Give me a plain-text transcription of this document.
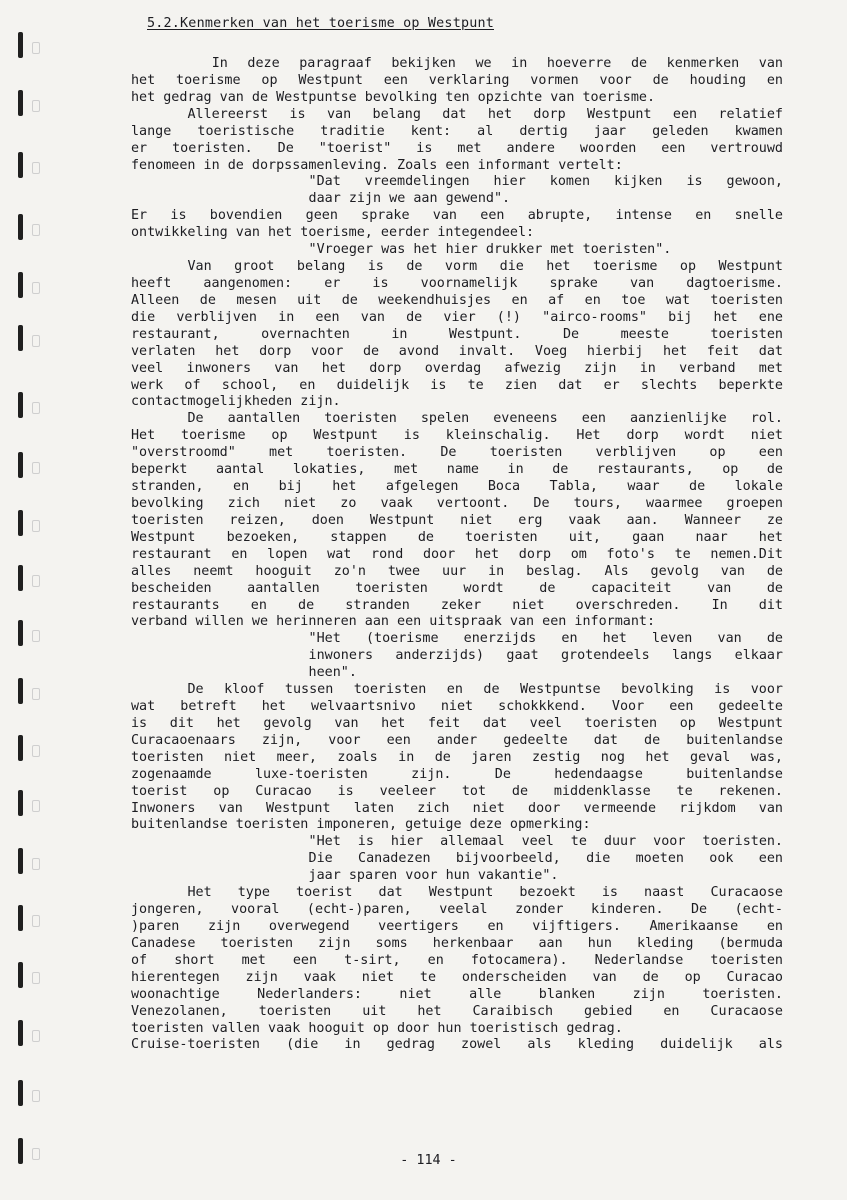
5.2.Kenmerken van het toerisme op Westpunt
In deze paragraaf bekijken we in hoeverre de kenmerken van
het toerisme op Westpunt een verklaring vormen voor de houding en
het gedrag van de Westpuntse bevolking ten opzichte van toerisme.
Allereerst is van belang dat het dorp Westpunt een relatief
lange toeristische traditie kent: al dertig jaar geleden kwamen
er toeristen. De "toerist" is met andere woorden een vertrouwd
fenomeen in de dorpssamenleving. Zoals een informant vertelt:
"Dat vreemdelingen hier komen kijken is gewoon,
daar zijn we aan gewend".
Er is bovendien geen sprake van een abrupte, intense en snelle
ontwikkeling van het toerisme, eerder integendeel:
"Vroeger was het hier drukker met toeristen".
Van groot belang is de vorm die het toerisme op Westpunt
heeft aangenomen: er is voornamelijk sprake van dagtoerisme.
Alleen de mesen uit de weekendhuisjes en af en toe wat toeristen
die verblijven in een van de vier (!) "airco-rooms" bij het ene
restaurant, overnachten in Westpunt. De meeste toeristen
verlaten het dorp voor de avond invalt. Voeg hierbij het feit dat
veel inwoners van het dorp overdag afwezig zijn in verband met
werk of school, en duidelijk is te zien dat er slechts beperkte
contactmogelijkheden zijn.
De aantallen toeristen spelen eveneens een aanzienlijke rol.
Het toerisme op Westpunt is kleinschalig. Het dorp wordt niet
"overstroomd" met toeristen. De toeristen verblijven op een
beperkt aantal lokaties, met name in de restaurants, op de
stranden, en bij het afgelegen Boca Tabla, waar de lokale
bevolking zich niet zo vaak vertoont. De tours, waarmee groepen
toeristen reizen, doen Westpunt niet erg vaak aan. Wanneer ze
Westpunt bezoeken, stappen de toeristen uit, gaan naar het
restaurant en lopen wat rond door het dorp om foto's te nemen.Dit
alles neemt hooguit zo'n twee uur in beslag. Als gevolg van de
bescheiden aantallen toeristen wordt de capaciteit van de
restaurants en de stranden zeker niet overschreden. In dit
verband willen we herinneren aan een uitspraak van een informant:
"Het (toerisme enerzijds en het leven van de
inwoners anderzijds) gaat grotendeels langs elkaar
heen".
De kloof tussen toeristen en de Westpuntse bevolking is voor
wat betreft het welvaartsnivo niet schokkkend. Voor een gedeelte
is dit het gevolg van het feit dat veel toeristen op Westpunt
Curacaoenaars zijn, voor een ander gedeelte dat de buitenlandse
toeristen niet meer, zoals in de jaren zestig nog het geval was,
zogenaamde luxe-toeristen zijn. De hedendaagse buitenlandse
toerist op Curacao is veeleer tot de middenklasse te rekenen.
Inwoners van Westpunt laten zich niet door vermeende rijkdom van
buitenlandse toeristen imponeren, getuige deze opmerking:
"Het is hier allemaal veel te duur voor toeristen.
Die Canadezen bijvoorbeeld, die moeten ook een
jaar sparen voor hun vakantie".
Het type toerist dat Westpunt bezoekt is naast Curacaose
jongeren, vooral (echt-)paren, veelal zonder kinderen. De (echt-
)paren zijn overwegend veertigers en vijftigers. Amerikaanse en
Canadese toeristen zijn soms herkenbaar aan hun kleding (bermuda
of short met een t-sirt, en fotocamera). Nederlandse toeristen
hierentegen zijn vaak niet te onderscheiden van de op Curacao
woonachtige Nederlanders: niet alle blanken zijn toeristen.
Venezolanen, toeristen uit het Caraibisch gebied en Curacaose
toeristen vallen vaak hooguit op door hun toeristisch gedrag.
Cruise-toeristen (die in gedrag zowel als kleding duidelijk als
- 114 -
